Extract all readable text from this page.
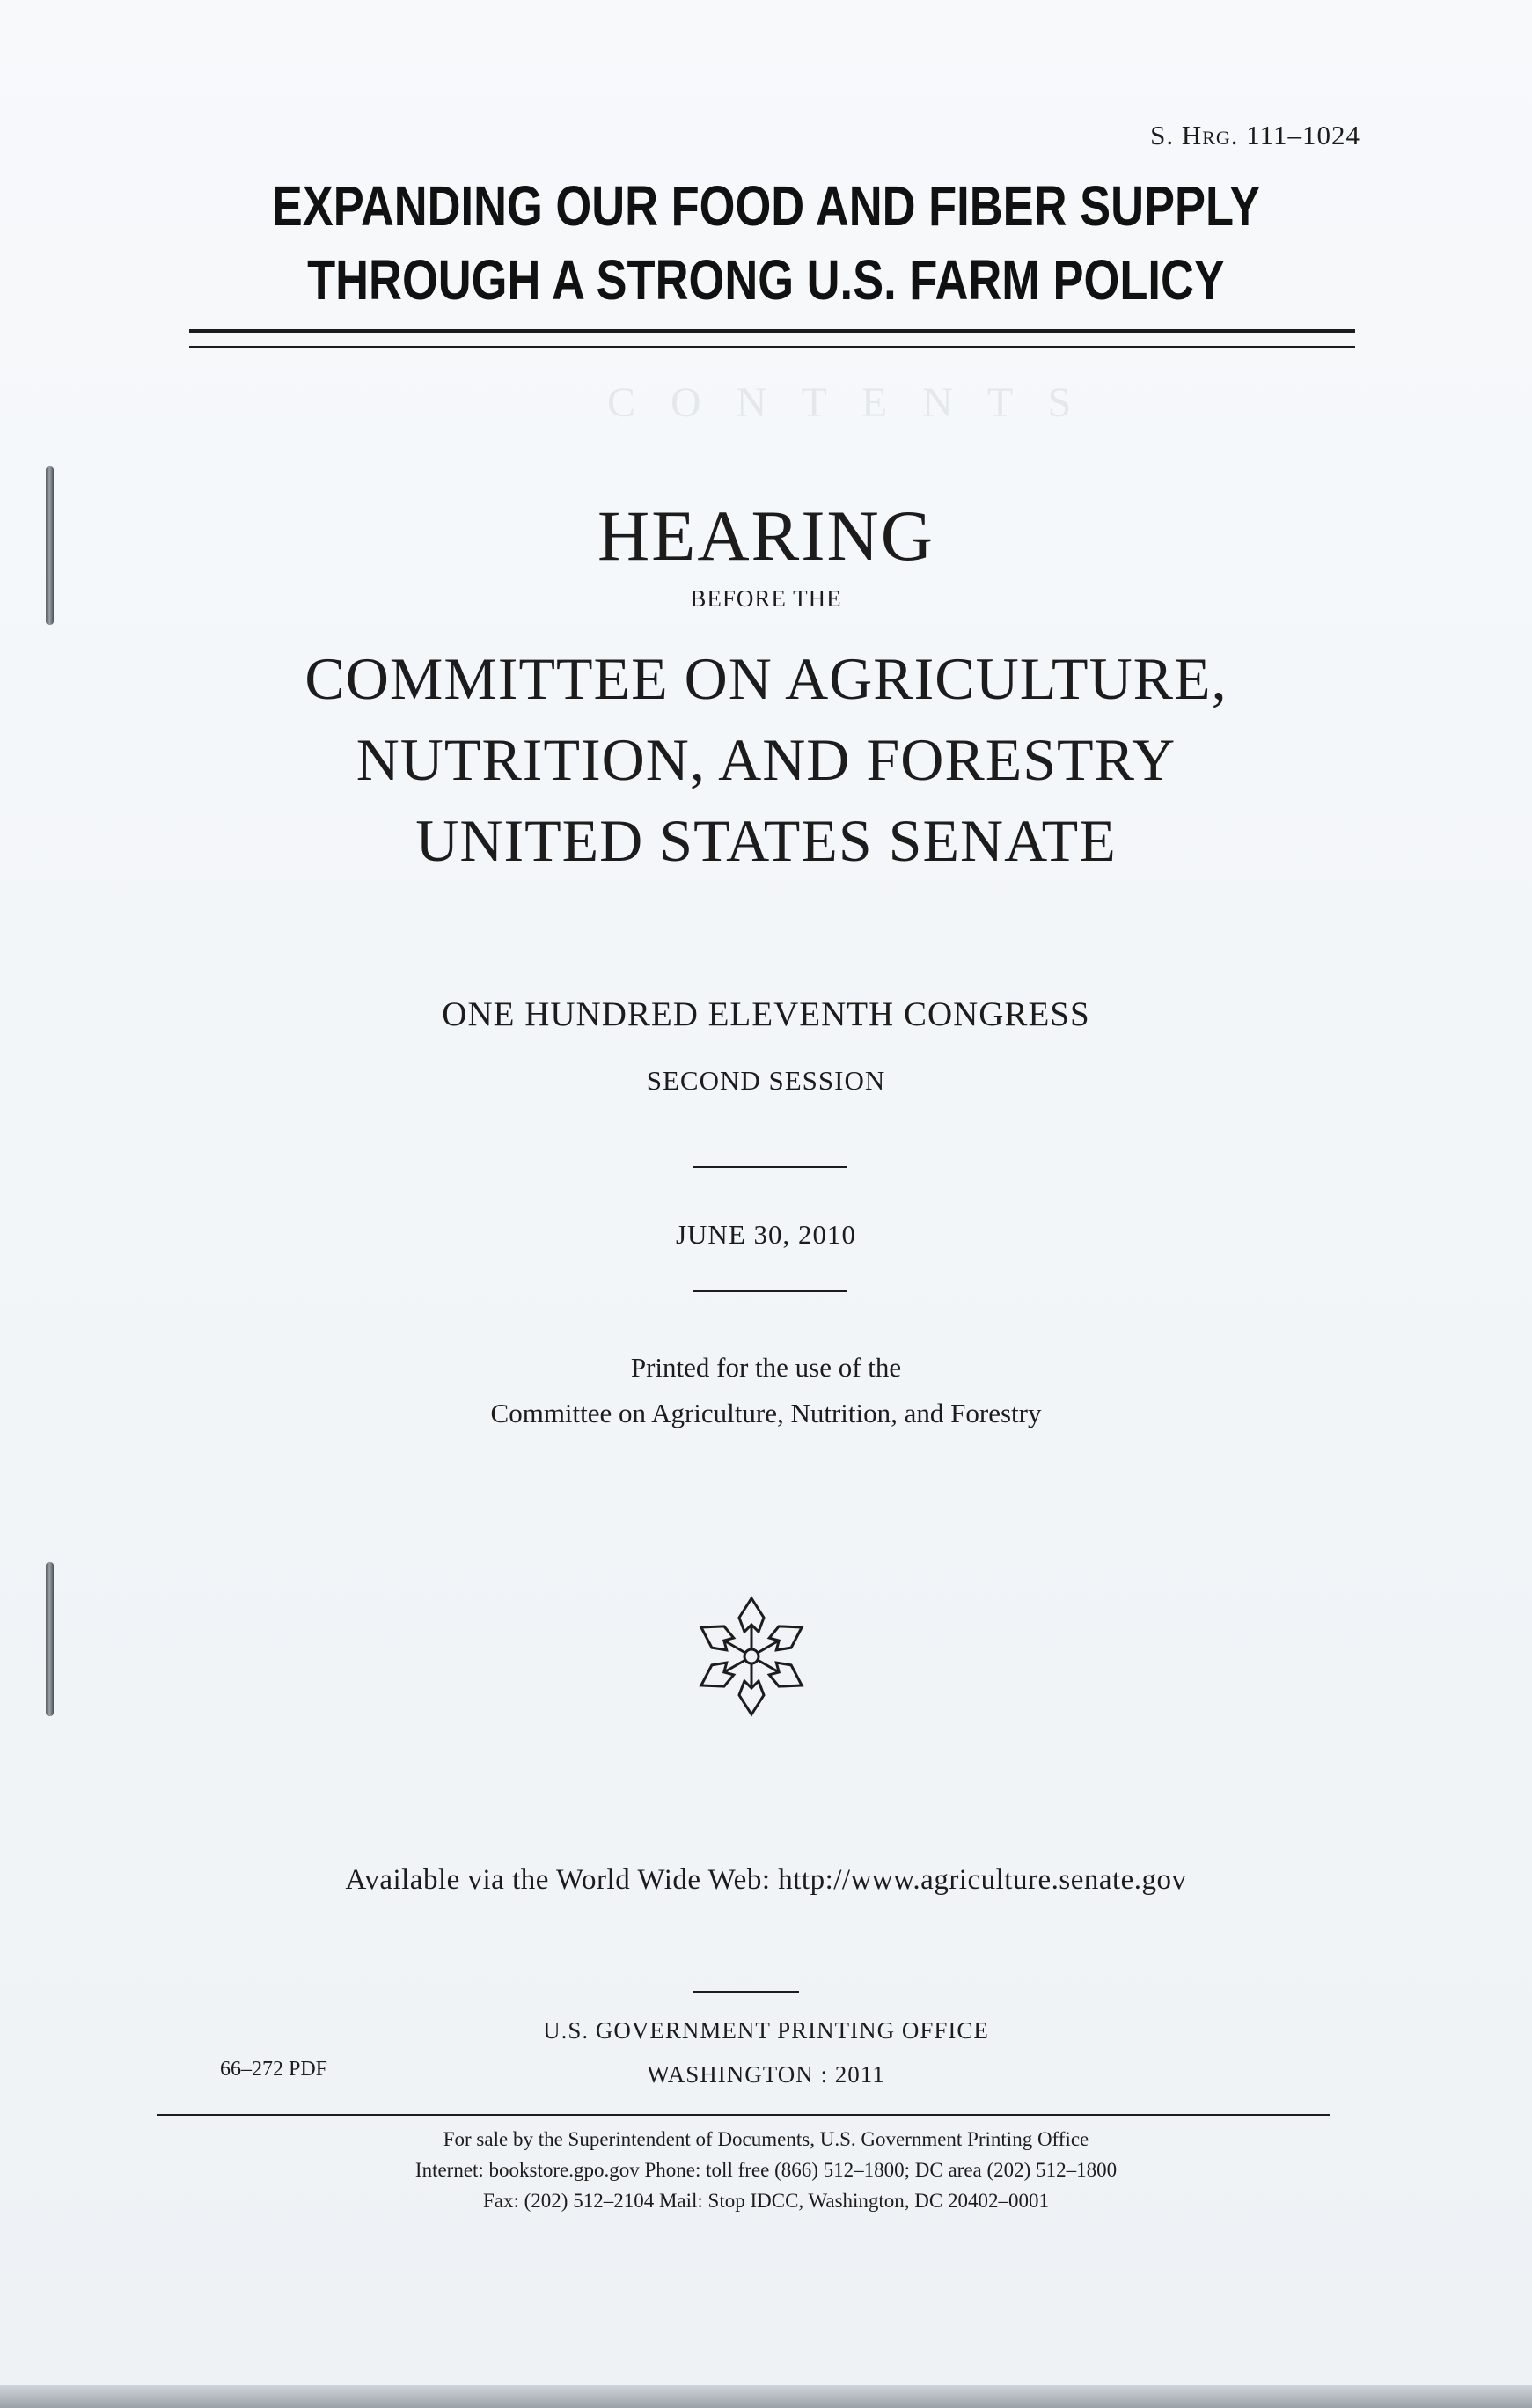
C O N T E N T S
S. Hrg. 111–1024
EXPANDING OUR FOOD AND FIBER SUPPLY
THROUGH A STRONG U.S. FARM POLICY
HEARING
BEFORE THE
COMMITTEE ON AGRICULTURE,
NUTRITION, AND FORESTRY
UNITED STATES SENATE
ONE HUNDRED ELEVENTH CONGRESS
SECOND SESSION
JUNE 30, 2010
Printed for the use of the
Committee on Agriculture, Nutrition, and Forestry
Available via the World Wide Web: http://www.agriculture.senate.gov
U.S. GOVERNMENT PRINTING OFFICE
66–272 PDF	WASHINGTON : 2011
For sale by the Superintendent of Documents, U.S. Government Printing Office
Internet: bookstore.gpo.gov Phone: toll free (866) 512–1800; DC area (202) 512–1800
Fax: (202) 512–2104 Mail: Stop IDCC, Washington, DC 20402–0001
